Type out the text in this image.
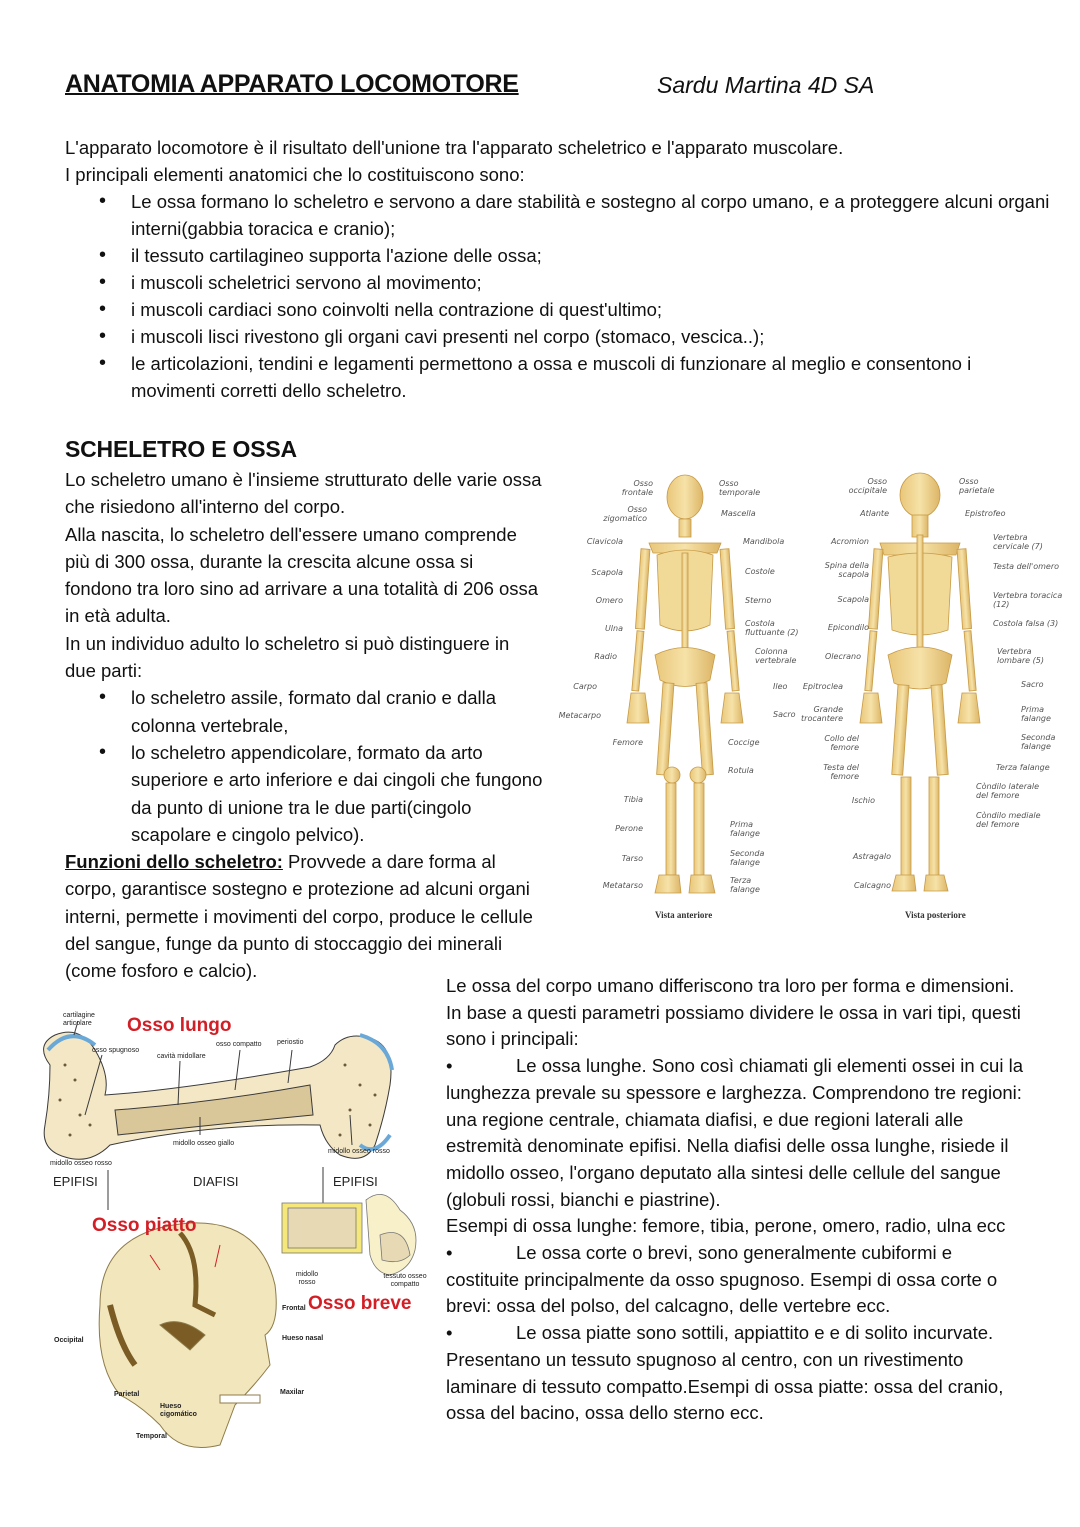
ANATOMIA APPARATO LOCOMOTORE	Sardu Martina 4D SA

L'apparato locomotore è il risultato dell'unione tra l'apparato scheletrico e l'apparato muscolare.

I principali elementi anatomici che lo costituiscono sono:

• Le ossa formano lo scheletro e servono a dare stabilità e sostegno al corpo umano, e a proteggere alcuni organi interni(gabbia toracica e cranio);
• il tessuto cartilagineo supporta l'azione delle ossa;
• i muscoli scheletrici servono al movimento;
• i muscoli cardiaci sono coinvolti nella contrazione di quest'ultimo;
• i muscoli lisci rivestono gli organi cavi presenti nel corpo (stomaco, vescica..);
• le articolazioni, tendini e legamenti permettono a ossa e muscoli di funzionare al meglio e consentono i movimenti corretti dello scheletro.
SCHELETRO E OSSA

Lo scheletro umano è l'insieme strutturato delle varie ossa che risiedono all'interno del corpo.

Alla nascita, lo scheletro dell'essere umano comprende più di 300 ossa, durante la crescita alcune ossa si fondono tra loro sino ad arrivare a una totalità di 206 ossa in età adulta.

In un individuo adulto lo scheletro si può distinguere in due parti:

• lo scheletro assile, formato dal cranio e dalla colonna vertebrale,
• lo scheletro appendicolare, formato da arto superiore e arto inferiore e dai cingoli che fungono da punto di unione tra le due parti(cingolo scapolare e cingolo pelvico).

Funzioni dello scheletro: Provvede a dare forma al corpo, garantisce sostegno e protezione ad alcuni organi interni, permette i movimenti del corpo, produce le cellule del sangue, funge da punto di stoccaggio dei minerali (come fosforo e calcio).

Osso frontale
Osso zigomatico
Clavicola
Scapola
Omero
Ulna
Radio
Carpo
Metacarpo
Femore
Tibia
Perone
Tarso
Metatarso
Osso temporale
Mascella
Mandibola
Costole
Sterno
Costola fluttuante (2)
Colonna vertebrale
Ileo
Sacro
Coccige
Rotula
Prima falange
Seconda falange
Terza falange
Vista anteriore
Osso occipitale
Atlante
Acromion
Spina della scapola
Scapola
Epicondilo
Olecrano
Epitroclea
Grande trocantere
Collo del femore
Testa del femore
Ischio
Astragalo
Calcagno
Osso parietale
Epistrofeo
Vertebra cervicale (7)
Testa dell'omero
Vertebra toracica (12)
Costola falsa (3)
Vertebra lombare (5)
Sacro
Prima falange
Seconda falange
Terza falange
Còndilo laterale del femore
Còndilo mediale del femore
Vista posteriore

Le ossa del corpo umano differiscono tra loro per forma e dimensioni. In base a questi parametri possiamo dividere le ossa in vari tipi, questi sono i principali:

•	Le ossa lunghe. Sono così chiamati gli elementi ossei in cui la lunghezza prevale su spessore e larghezza. Comprendono tre regioni: una regione centrale, chiamata diafisi, e due regioni laterali alle estremità denominate epifisi. Nella diafisi delle ossa lunghe, risiede il midollo osseo, l'organo deputato alla sintesi delle cellule del sangue (globuli rossi, bianchi e piastrine).

Esempi di ossa lunghe: femore, tibia, perone, omero, radio, ulna ecc

•	Le ossa corte o brevi, sono generalmente cubiformi e costituite principalmente da osso spugnoso. Esempi di ossa corte o brevi: ossa del polso, del calcagno, delle vertebre ecc.

•	Le ossa piatte sono sottili, appiattito e e di solito incurvate. Presentano un tessuto spugnoso al centro, con un rivestimento laminare di tessuto compatto.Esempi di ossa piatte: ossa del cranio, ossa del bacino, ossa dello sterno ecc.

Osso lungo
Osso piatto
Osso breve
cartilagine articolare
osso spugnoso
cavità midollare
osso compatto periostio
midollo osseo giallo
midollo osseo rosso
midollo osseo rosso
EPIFISI	DIAFISI	EPIFISI
midollo rosso
tessuto osseo compatto
Frontal
Occipital	Hueso nasal
Parietal
Hueso cigomático
Maxilar
Temporal
